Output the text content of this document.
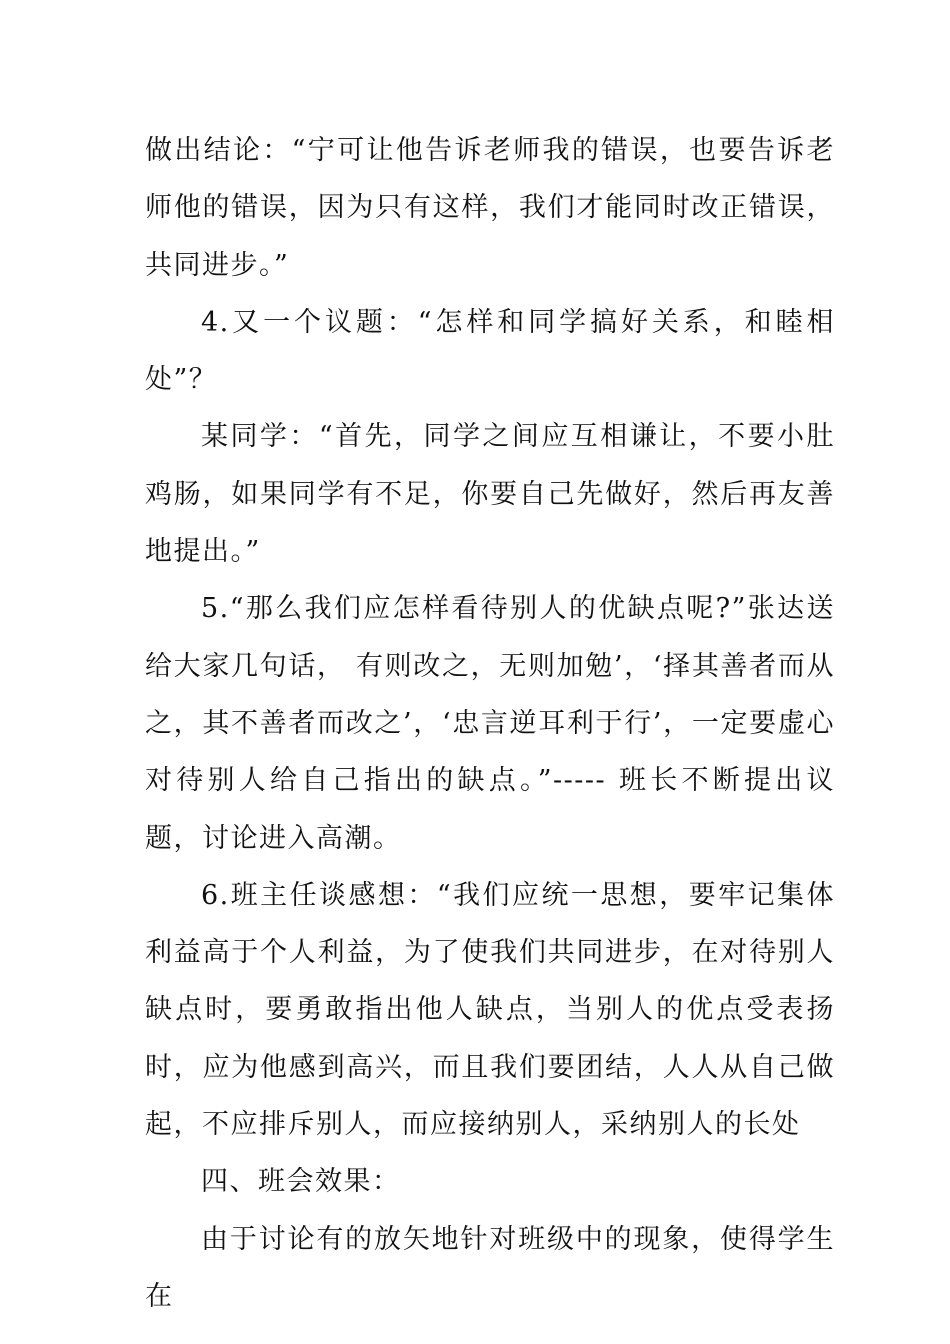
做出结论：“宁可让他告诉老师我的错误，也要告诉老师他的错误，因为只有这样，我们才能同时改正错误，共同进步。”

4.又一个议题：“怎样和同学搞好关系，和睦相处”？

某同学：“首先，同学之间应互相谦让，不要小肚鸡肠，如果同学有不足，你要自己先做好，然后再友善地提出。”

5.“那么我们应怎样看待别人的优缺点呢?”张达送给大家几句话， 有则改之，无则加勉’，‘择其善者而从之，其不善者而改之’，‘忠言逆耳利于行’，一定要虚心对待别人给自己指出的缺点。”----- 班长不断提出议题，讨论进入高潮。

6.班主任谈感想：“我们应统一思想，要牢记集体利益高于个人利益，为了使我们共同进步，在对待别人缺点时，要勇敢指出他人缺点，当别人的优点受表扬时，应为他感到高兴，而且我们要团结，人人从自己做起，不应排斥别人，而应接纳别人，采纳别人的长处

四、班会效果：

由于讨论有的放矢地针对班级中的现象，使得学生在
